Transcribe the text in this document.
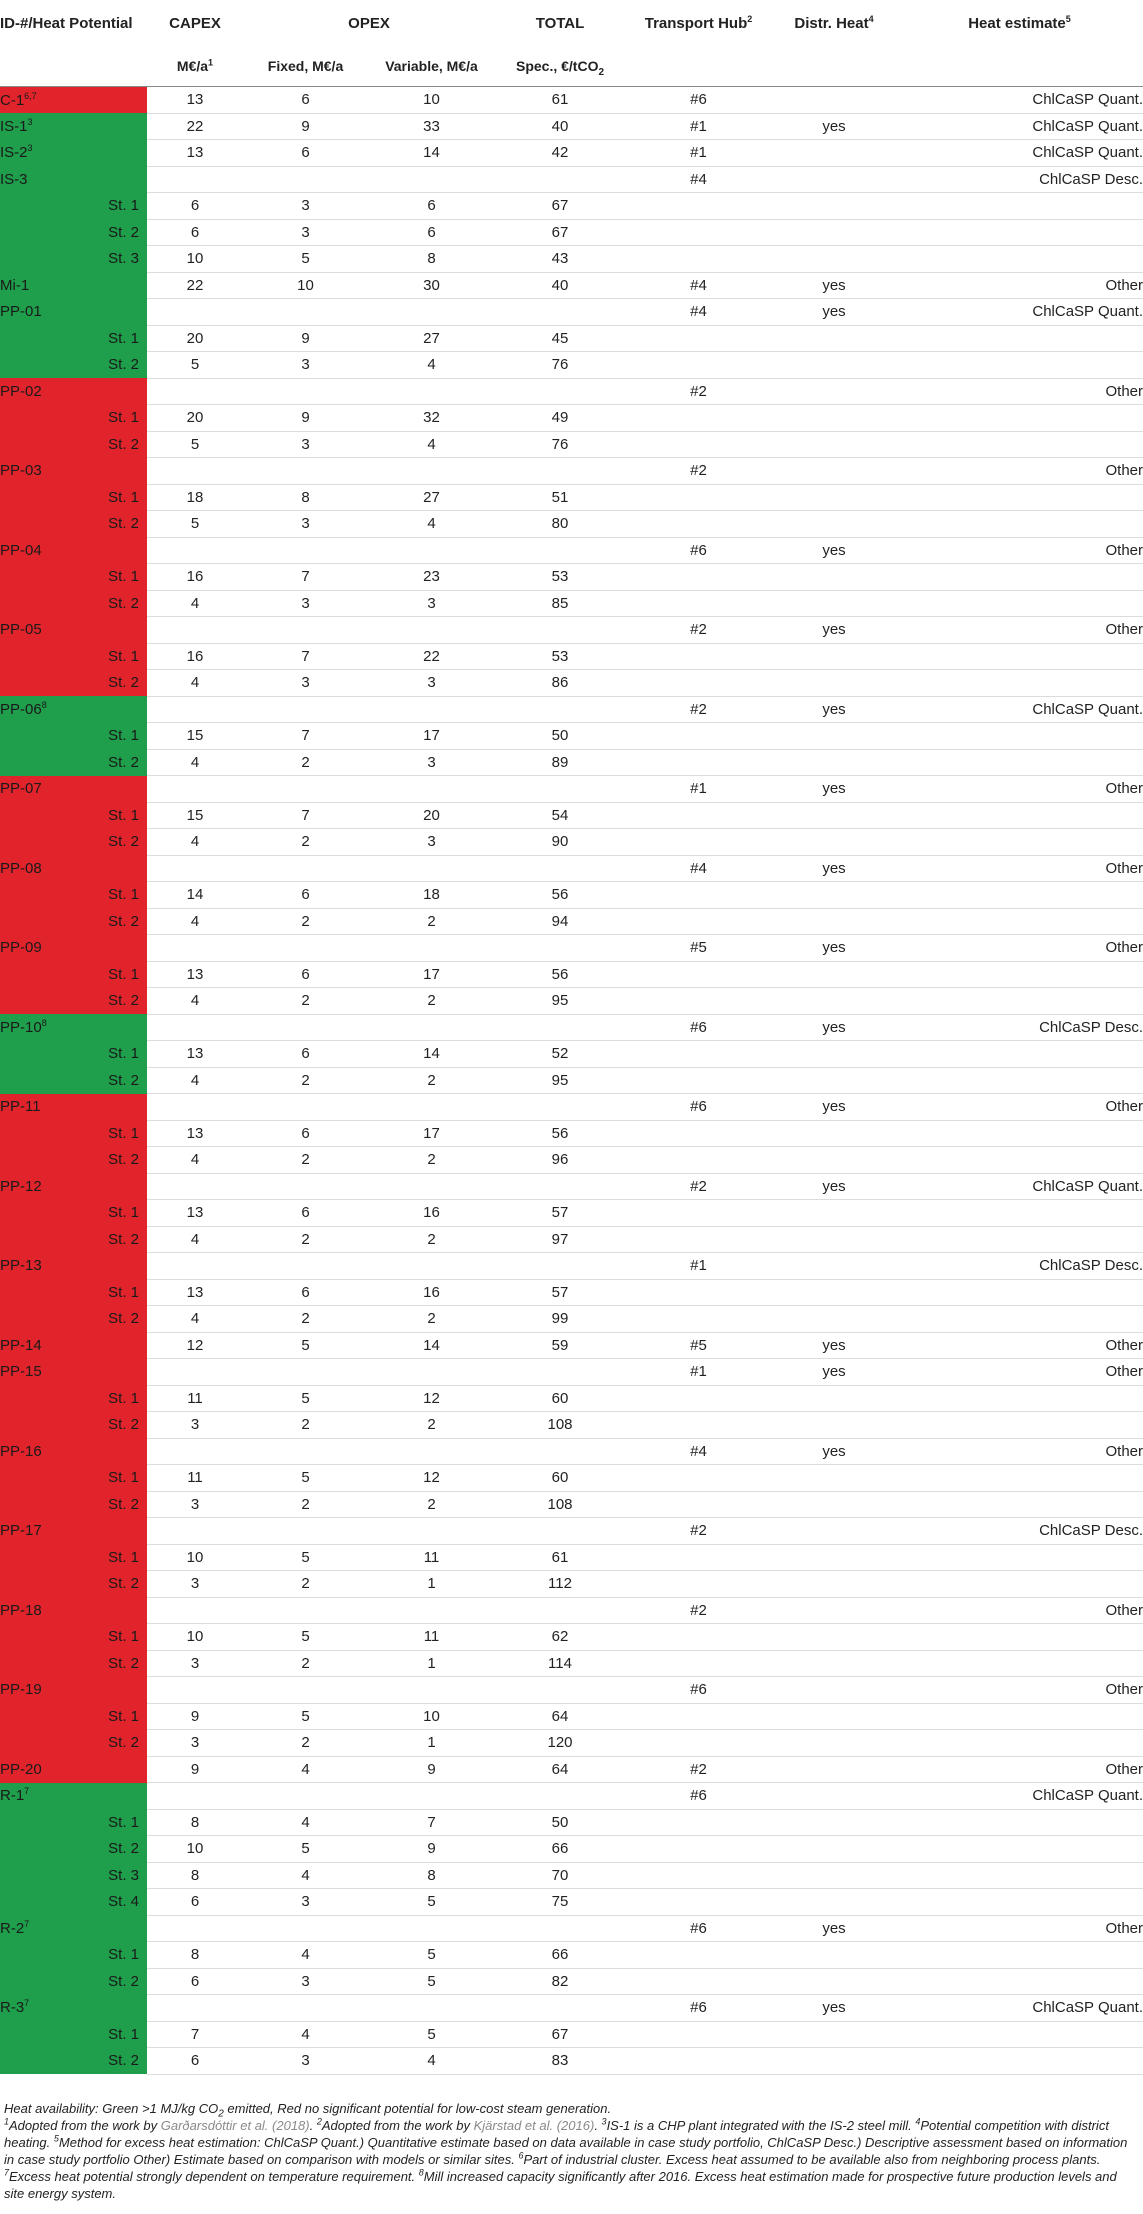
ID-#/Heat Potential	CAPEX	OPEX		TOTAL	Transport Hub$^2$	Distr. Heat$^4$	Heat estimate$^5$
	$M€/a^1$	Fixed, M€/a	Variable, M€/a	Spec., €/tCO$_2$			
C-1$^{6,7}$	13	6	10	61	#6		ChlCaSP Quant.
$IS-1^3$	22	9	33	40	#1	yes	ChlCaSP Quant.
$IS-2^3$	13	6	14	42	#1		ChlCaSP Quant.
IS-3					#4		ChlCaSP Desc.
St. 1	6	3	6	67			
St. 2	6	3	6	67			
St. 3	10	5	8	43			
Mi-1	22	10	30	40	#4	yes	Other
PP-01					#4	yes	ChlCaSP Quant.
St. 1	20	9	27	45			
St. 2	5	3	4	76			
PP-02					#2		Other
St. 1	20	9	32	49			
St. 2	5	3	4	76			
PP-03					#2		Other
St. 1	18	8	27	51			
St. 2	5	3	4	80			
PP-04					#6	yes	Other
St. 1	16	7	23	53			
St. 2	4	3	3	85			
PP-05					#2	yes	Other
St. 1	16	7	22	53			
St. 2	4	3	3	86			
$PP-06^8$					#2	yes	ChlCaSP Quant.
St. 1	15	7	17	50			
St. 2	4	2	3	89			
PP-07					#1	yes	Other
St. 1	15	7	20	54			
St. 2	4	2	3	90			
PP-08					#4	yes	Other
St. 1	14	6	18	56			
St. 2	4	2	2	94			
PP-09					#5	yes	Other
St. 1	13	6	17	56			
St. 2	4	2	2	95			
$PP-10^8$					#6	yes	ChlCaSP Desc.
St. 1	13	6	14	52			
St. 2	4	2	2	95			
PP-11					#6	yes	Other
St. 1	13	6	17	56			
St. 2	4	2	2	96			
PP-12					#2	yes	ChlCaSP Quant.
St. 1	13	6	16	57			
St. 2	4	2	2	97			
PP-13					#1		ChlCaSP Desc.
St. 1	13	6	16	57			
St. 2	4	2	2	99			
PP-14	12	5	14	59	#5	yes	Other
PP-15					#1	yes	Other
St. 1	11	5	12	60			
St. 2	3	2	2	108			
PP-16					#4	yes	Other
St. 1	11	5	12	60			
St. 2	3	2	2	108			
PP-17					#2		ChlCaSP Desc.
St. 1	10	5	11	61			
St. 2	3	2	1	112			
PP-18					#2		Other
St. 1	10	5	11	62			
St. 2	3	2	1	114			
PP-19					#6		Other
St. 1	9	5	10	64			
St. 2	3	2	1	120			
PP-20	9	4	9	64	#2		Other
$R-1^7$					#6		ChlCaSP Quant.
St. 1	8	4	7	50			
St. 2	10	5	9	66			
St. 3	8	4	8	70			
St. 4	6	3	5	75			
$R-2^7$					#6	yes	Other
St. 1	8	4	5	66			
St. 2	6	3	5	82			
$R-3^7$					#6	yes	ChlCaSP Quant.
St. 1	7	4	5	67			
St. 2	6	3	4	83			

Heat availability: Green >1 MJ/kg $CO_2$ emitted, Red no significant potential for low-cost steam generation.

$^1$Adopted from the work by Garðarsdóttir et al. (2018). $^2$Adopted from the work by Kjärstad et al. (2016). $^3$IS-1 is a CHP plant integrated with the IS-2 steel mill. $^4$Potential competition with district heating. $^5$Method for excess heat estimation: ChlCaSP Quant.) Quantitative estimate based on data available in case study portfolio, ChlCaSP Desc.) Descriptive assessment based on information in case study portfolio Other) Estimate based on comparison with models or similar sites. $^6$Part of industrial cluster. Excess heat assumed to be available also from neighboring process plants. $^7$Excess heat potential strongly dependent on temperature requirement. $^8$Mill increased capacity significantly after 2016. Excess heat estimation made for prospective future production levels and site energy system.
